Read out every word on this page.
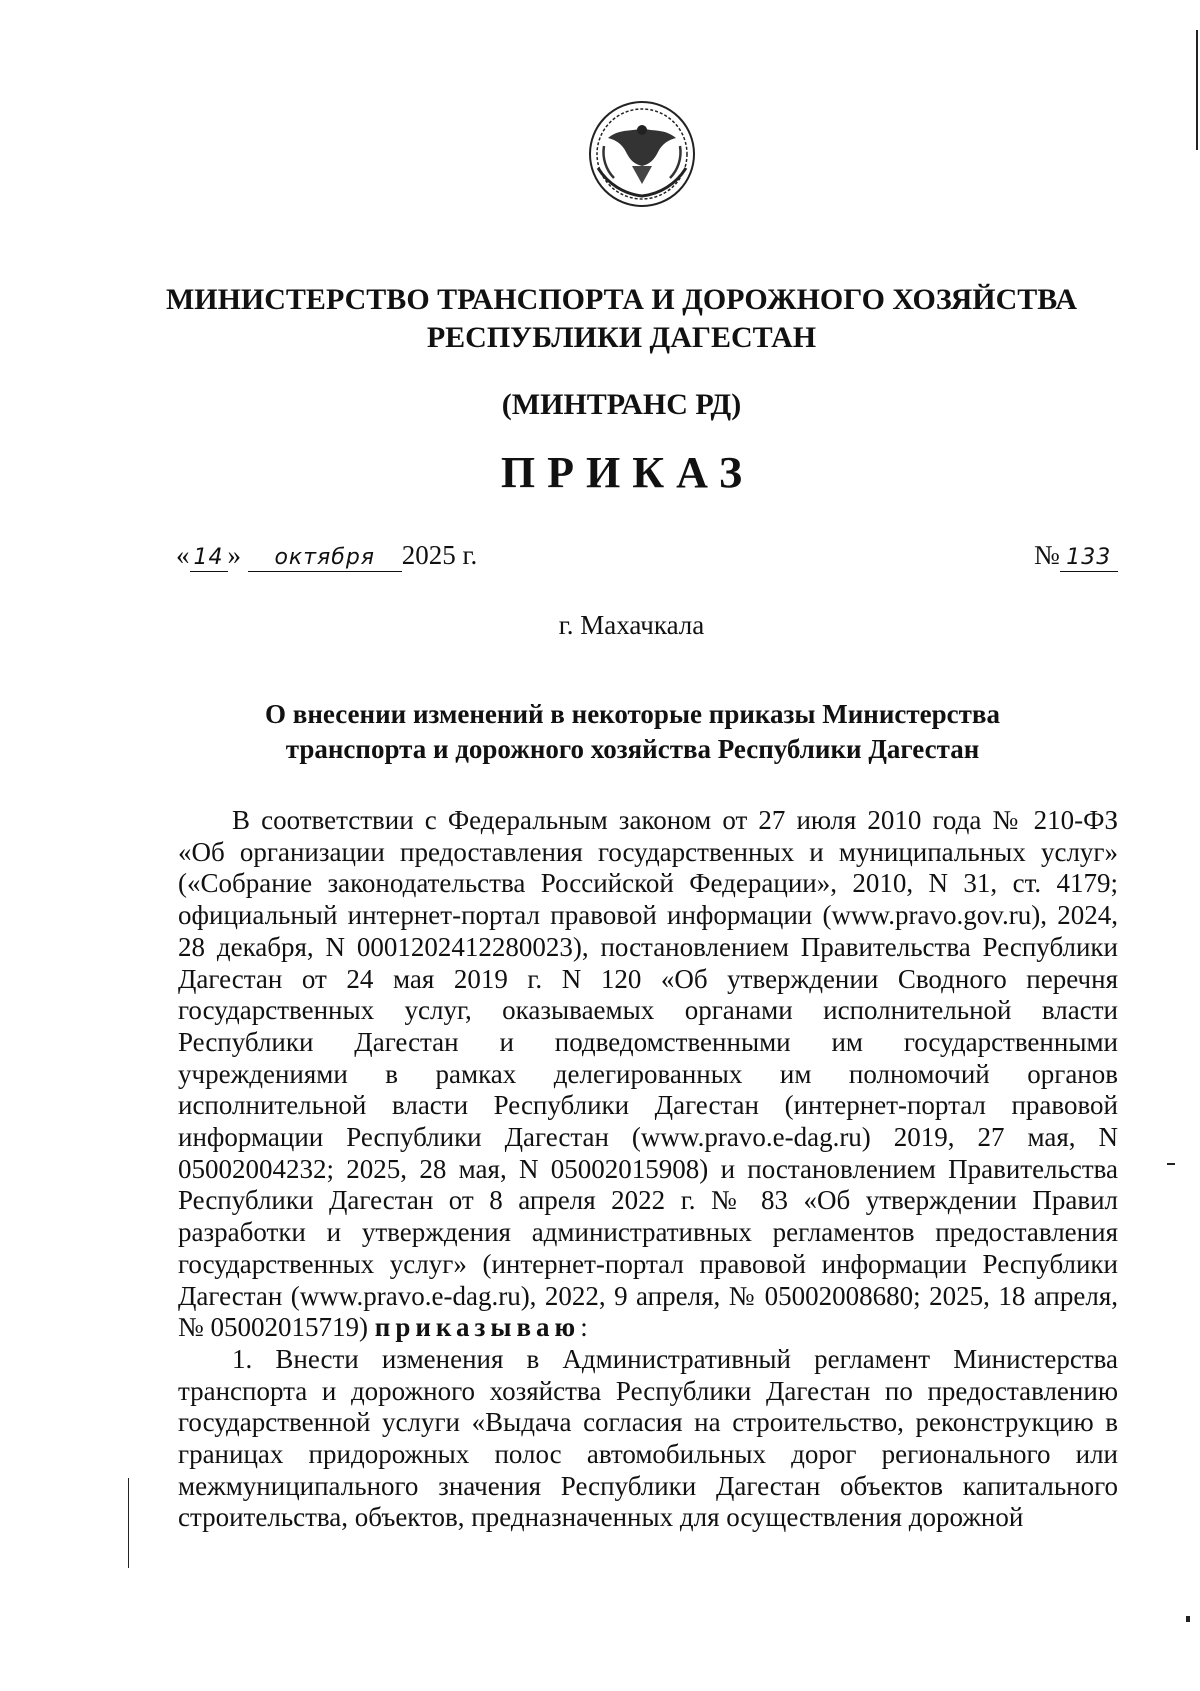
МИНИСТЕРСТВО ТРАНСПОРТА И ДОРОЖНОГО ХОЗЯЙСТВА
РЕСПУБЛИКИ ДАГЕСТАН
(МИНТРАНС РД)
ПРИКАЗ
« 14 » октября 2025 г.	№ 133
г. Махачкала
О внесении изменений в некоторые приказы Министерства
транспорта и дорожного хозяйства Республики Дагестан

В соответствии с Федеральным законом от 27 июля 2010 года № 210-ФЗ «Об организации предоставления государственных и муниципальных услуг» («Собрание законодательства Российской Федерации», 2010, N 31, ст. 4179; официальный интернет-портал правовой информации (www.pravo.gov.ru), 2024, 28 декабря, N 0001202412280023), постановлением Правительства Республики Дагестан от 24 мая 2019 г. N 120 «Об утверждении Сводного перечня государственных услуг, оказываемых органами исполнительной власти Республики Дагестан и подведомственными им государственными учреждениями в рамках делегированных им полномочий органов исполнительной власти Республики Дагестан (интернет-портал правовой информации Республики Дагестан (www.pravo.e-dag.ru) 2019, 27 мая, N 05002004232; 2025, 28 мая, N 05002015908) и постановлением Правительства Республики Дагестан от 8 апреля 2022 г. № 83 «Об утверждении Правил разработки и утверждения административных регламентов предоставления государственных услуг» (интернет-портал правовой информации Республики Дагестан (www.pravo.e-dag.ru), 2022, 9 апреля, № 05002008680; 2025, 18 апреля, № 05002015719) приказываю:

1. Внести изменения в Административный регламент Министерства транспорта и дорожного хозяйства Республики Дагестан по предоставлению государственной услуги «Выдача согласия на строительство, реконструкцию в границах придорожных полос автомобильных дорог регионального или межмуниципального значения Республики Дагестан объектов капитального строительства, объектов, предназначенных для осуществления дорожной
